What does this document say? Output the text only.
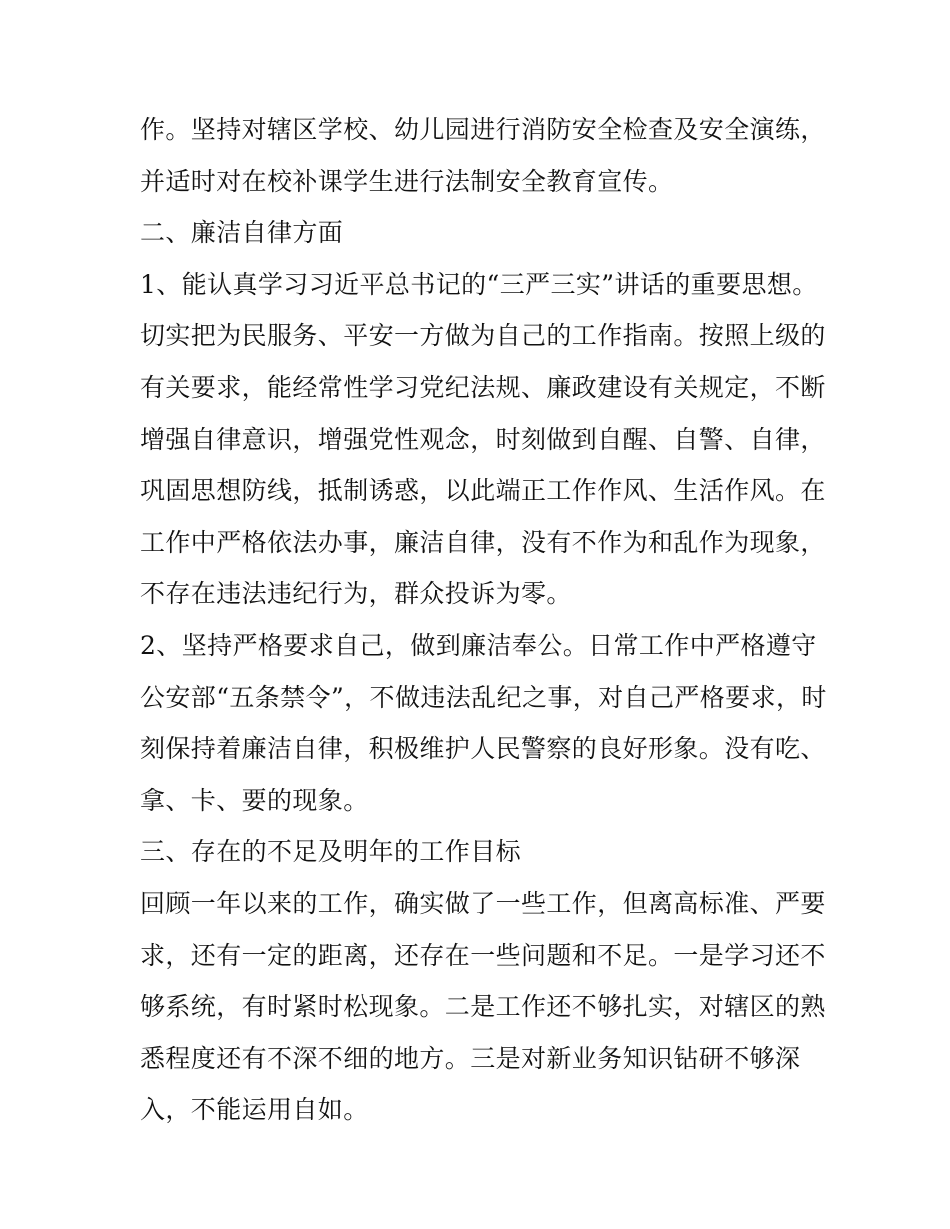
作。坚持对辖区学校、幼儿园进行消防安全检查及安全演练，
并适时对在校补课学生进行法制安全教育宣传。
二、廉洁自律方面
1、能认真学习习近平总书记的“三严三实”讲话的重要思想。
切实把为民服务、平安一方做为自己的工作指南。按照上级的
有关要求，能经常性学习党纪法规、廉政建设有关规定，不断
增强自律意识，增强党性观念，时刻做到自醒、自警、自律，
巩固思想防线，抵制诱惑，以此端正工作作风、生活作风。在
工作中严格依法办事，廉洁自律，没有不作为和乱作为现象，
不存在违法违纪行为，群众投诉为零。
2、坚持严格要求自己，做到廉洁奉公。日常工作中严格遵守
公安部“五条禁令”，不做违法乱纪之事，对自己严格要求，时
刻保持着廉洁自律，积极维护人民警察的良好形象。没有吃、
拿、卡、要的现象。
三、存在的不足及明年的工作目标
回顾一年以来的工作，确实做了一些工作，但离高标准、严要
求，还有一定的距离，还存在一些问题和不足。一是学习还不
够系统，有时紧时松现象。二是工作还不够扎实，对辖区的熟
悉程度还有不深不细的地方。三是对新业务知识钻研不够深
入，不能运用自如。
